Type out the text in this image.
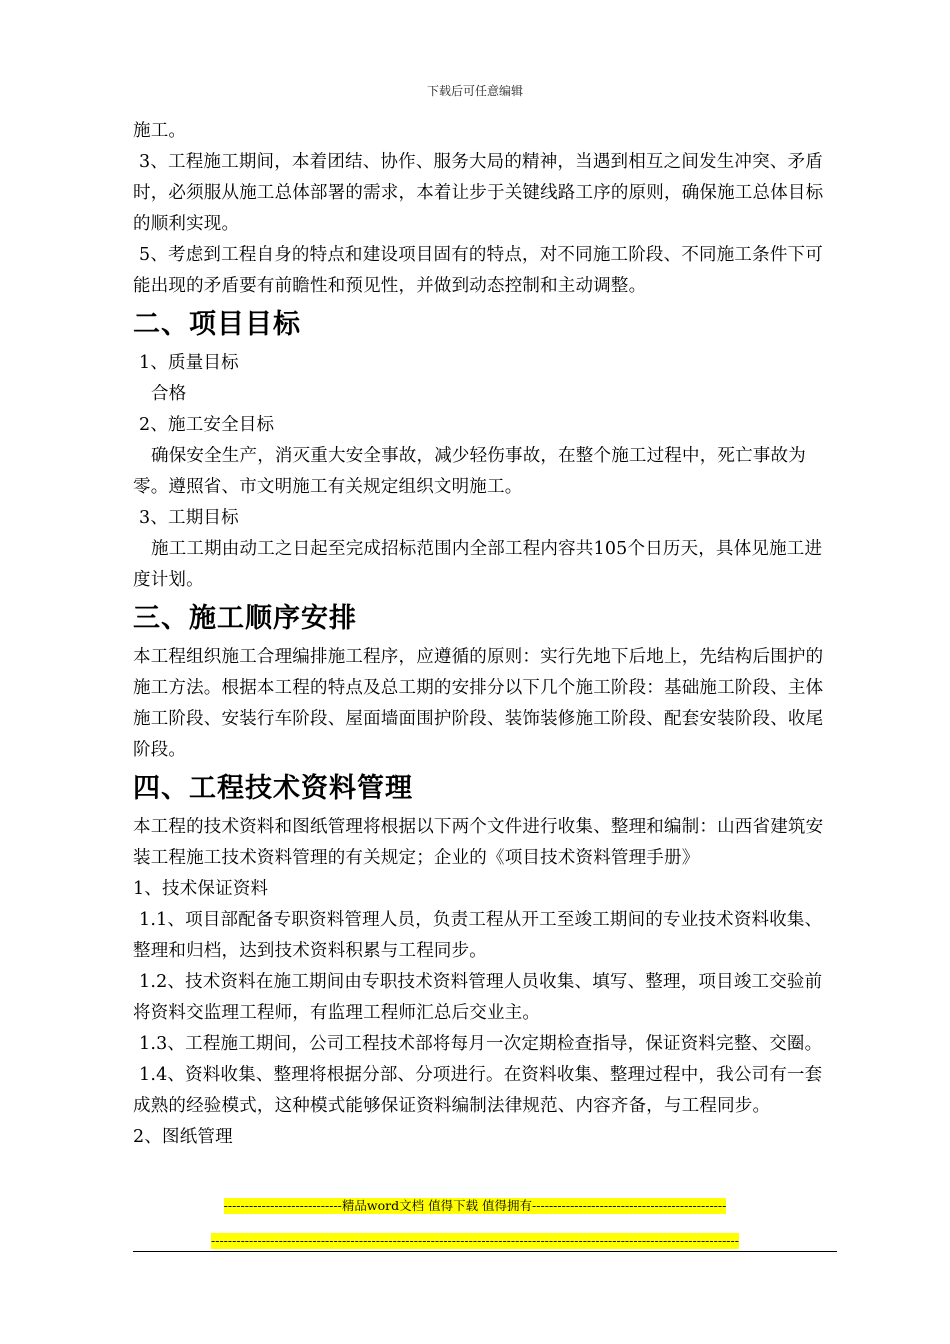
下载后可任意编辑

施工。

3、工程施工期间，本着团结、协作、服务大局的精神，当遇到相互之间发生冲突、矛盾时，必须服从施工总体部署的需求，本着让步于关键线路工序的原则，确保施工总体目标的顺利实现。

5、考虑到工程自身的特点和建设项目固有的特点，对不同施工阶段、不同施工条件下可能出现的矛盾要有前瞻性和预见性，并做到动态控制和主动调整。

二、项目目标

1、质量目标

合格

2、施工安全目标

确保安全生产，消灭重大安全事故，减少轻伤事故，在整个施工过程中，死亡事故为零。遵照省、市文明施工有关规定组织文明施工。

3、工期目标

施工工期由动工之日起至完成招标范围内全部工程内容共105个日历天，具体见施工进度计划。

三、施工顺序安排

本工程组织施工合理编排施工程序，应遵循的原则：实行先地下后地上，先结构后围护的施工方法。根据本工程的特点及总工期的安排分以下几个施工阶段：基础施工阶段、主体施工阶段、安装行车阶段、屋面墙面围护阶段、装饰装修施工阶段、配套安装阶段、收尾阶段。

四、工程技术资料管理

本工程的技术资料和图纸管理将根据以下两个文件进行收集、整理和编制：山西省建筑安装工程施工技术资料管理的有关规定；企业的《项目技术资料管理手册》

1、技术保证资料

1.1、项目部配备专职资料管理人员，负责工程从开工至竣工期间的专业技术资料收集、整理和归档，达到技术资料积累与工程同步。

1.2、技术资料在施工期间由专职技术资料管理人员收集、填写、整理，项目竣工交验前将资料交监理工程师，有监理工程师汇总后交业主。

1.3、工程施工期间，公司工程技术部将每月一次定期检查指导，保证资料完整、交圈。

1.4、资料收集、整理将根据分部、分项进行。在资料收集、整理过程中，我公司有一套成熟的经验模式，这种模式能够保证资料编制法律规范、内容齐备，与工程同步。

2、图纸管理

----------------------------精品word文档 值得下载 值得拥有----------------------------------------------
-----------------------------------------------------------------------------------------------------------------------------
